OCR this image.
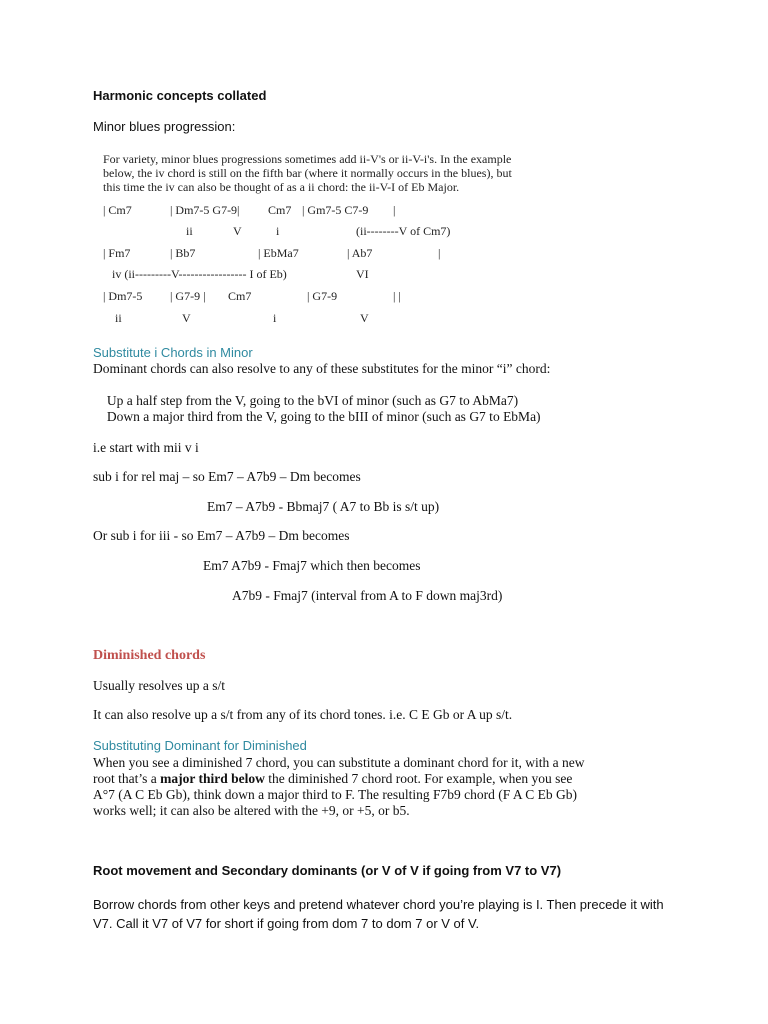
Harmonic concepts collated
Minor blues progression:
For variety, minor blues progressions sometimes add ii-V's or ii-V-i's. In the example
below, the iv chord is still on the fifth bar (where it normally occurs in the blues), but
this time the iv can also be thought of as a ii chord: the ii-V-I of Eb Major.
| Cm7	| Dm7-5 G7-9| Cm7 | Gm7-5 C7-9 |
ii	V	i	(ii--------V of Cm7)
| Fm7	| Bb7	| EbMa7	| Ab7	|
iv (ii---------V----------------- I of Eb)	VI
| Dm7-5 | G7-9 | Cm7	| G7-9	| |
ii	V	i	V
Substitute i Chords in Minor
Dominant chords can also resolve to any of these substitutes for the minor “i” chord:
Up a half step from the V, going to the bVI of minor (such as G7 to AbMa7)
Down a major third from the V, going to the bIII of minor (such as G7 to EbMa)
i.e start with mii v i
sub i for rel maj – so Em7 – A7b9 – Dm becomes
Em7 – A7b9 - Bbmaj7 ( A7 to Bb is s/t up)
Or sub i for iii - so Em7 – A7b9 – Dm becomes
Em7 A7b9 - Fmaj7 which then becomes
A7b9 - Fmaj7 (interval from A to F down maj3rd)
Diminished chords
Usually resolves up a s/t
It can also resolve up a s/t from any of its chord tones. i.e. C E Gb or A up s/t.
Substituting Dominant for Diminished
When you see a diminished 7 chord, you can substitute a dominant chord for it, with a new root that’s a major third below the diminished 7 chord root. For example, when you see A°7 (A C Eb Gb), think down a major third to F. The resulting F7b9 chord (F A C Eb Gb) works well; it can also be altered with the +9, or +5, or b5.
Root movement and Secondary dominants (or V of V if going from V7 to V7)
Borrow chords from other keys and pretend whatever chord you’re playing is I. Then precede it with V7. Call it V7 of V7 for short if going from dom 7 to dom 7 or V of V.
